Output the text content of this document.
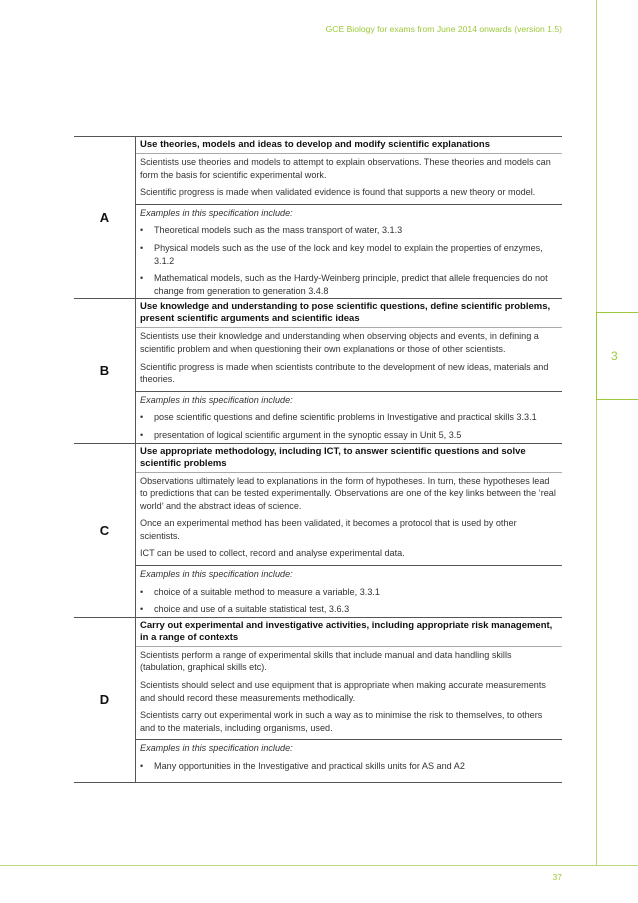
GCE Biology for exams from June 2014 onwards (version 1.5)
3
A
Use theories, models and ideas to develop and modify scientific explanations

Scientists use theories and models to attempt to explain observations. These theories and models can form the basis for scientific experimental work.

Scientific progress is made when validated evidence is found that supports a new theory or model.

Examples in this specification include:

• Theoretical models such as the mass transport of water, 3.1.3
• Physical models such as the use of the lock and key model to explain the properties of enzymes, 3.1.2
• Mathematical models, such as the Hardy-Weinberg principle, predict that allele frequencies do not change from generation to generation 3.4.8
B
Use knowledge and understanding to pose scientific questions, define scientific problems, present scientific arguments and scientific ideas

Scientists use their knowledge and understanding when observing objects and events, in defining a scientific problem and when questioning their own explanations or those of other scientists.

Scientific progress is made when scientists contribute to the development of new ideas, materials and theories.

Examples in this specification include:

• pose scientific questions and define scientific problems in Investigative and practical skills 3.3.1
• presentation of logical scientific argument in the synoptic essay in Unit 5, 3.5
C
Use appropriate methodology, including ICT, to answer scientific questions and solve scientific problems

Observations ultimately lead to explanations in the form of hypotheses. In turn, these hypotheses lead to predictions that can be tested experimentally. Observations are one of the key links between the ‘real world’ and the abstract ideas of science.

Once an experimental method has been validated, it becomes a protocol that is used by other scientists.

ICT can be used to collect, record and analyse experimental data.

Examples in this specification include:

• choice of a suitable method to measure a variable, 3.3.1
• choice and use of a suitable statistical test, 3.6.3
D
Carry out experimental and investigative activities, including appropriate risk management, in a range of contexts

Scientists perform a range of experimental skills that include manual and data handling skills (tabulation, graphical skills etc).

Scientists should select and use equipment that is appropriate when making accurate measurements and should record these measurements methodically.

Scientists carry out experimental work in such a way as to minimise the risk to themselves, to others and to the materials, including organisms, used.

Examples in this specification include:

• Many opportunities in the Investigative and practical skills units for AS and A2
37
